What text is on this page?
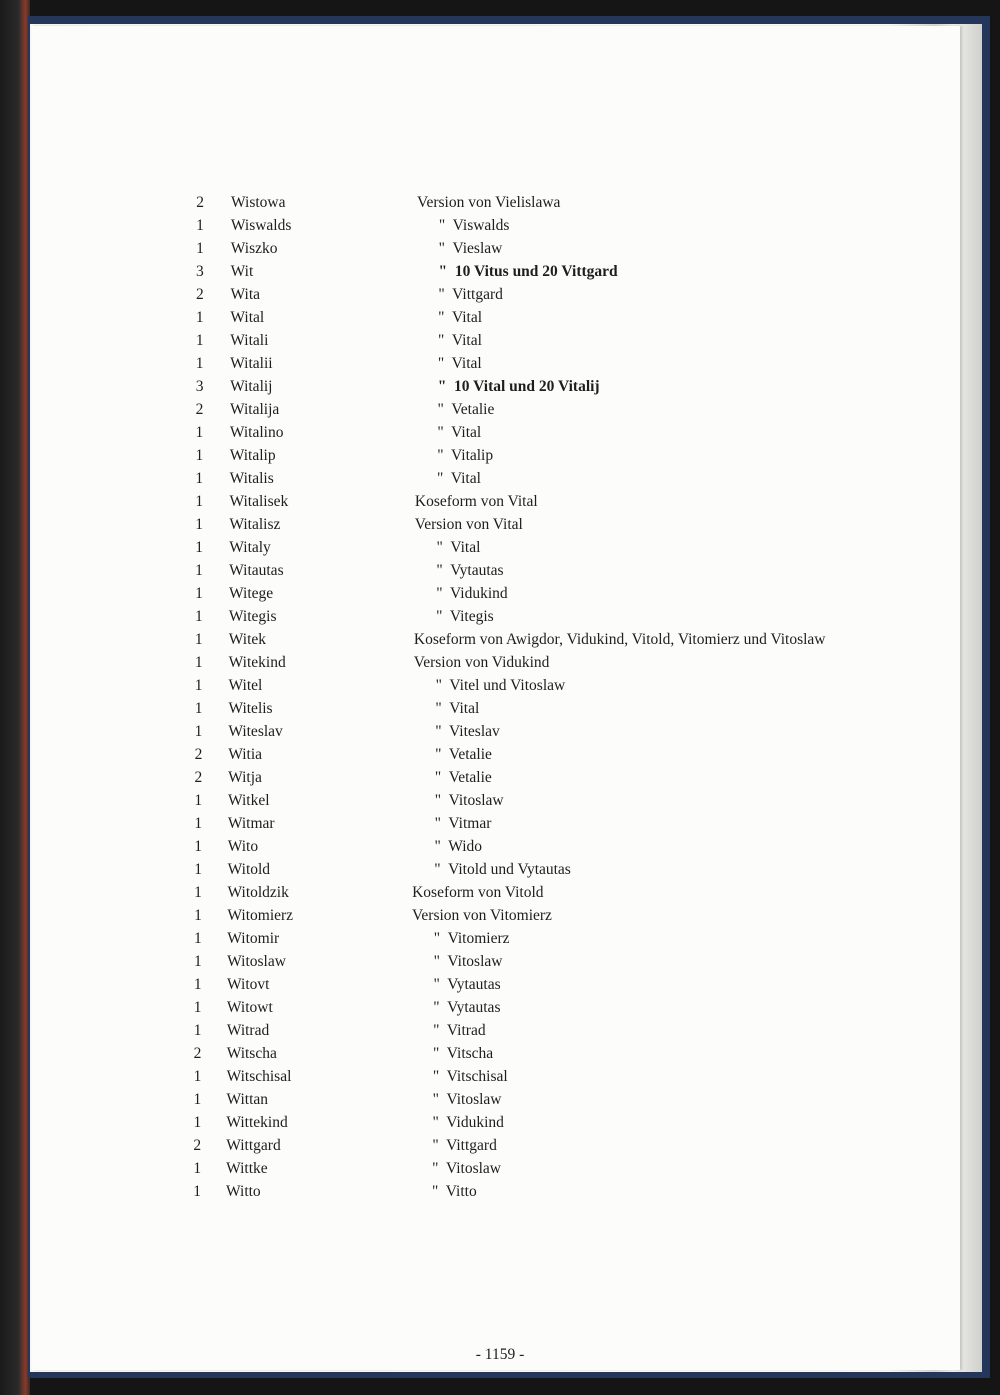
2 Wistowa	Version von Vielislawa
1 Wiswalds	"  Viswalds
1 Wiszko	"  Vieslaw
3 Wit	"  10 Vitus und 20 Vittgard
2 Wita	"  Vittgard
1 Wital	"  Vital
1 Witali	"  Vital
1 Witalii	"  Vital
3 Witalij	"  10 Vital und 20 Vitalij
2 Witalija	"  Vetalie
1 Witalino	"  Vital
1 Witalip	"  Vitalip
1 Witalis	"  Vital
1 Witalisek	Koseform von Vital
1 Witalisz	Version von Vital
1 Witaly	"  Vital
1 Witautas	"  Vytautas
1 Witege	"  Vidukind
1 Witegis	"  Vitegis
1 Witek	Koseform von Awigdor, Vidukind, Vitold, Vitomierz und Vitoslaw
1 Witekind	Version von Vidukind
1 Witel	"  Vitel und Vitoslaw
1 Witelis	"  Vital
1 Witeslav	"  Viteslav
2 Witia	"  Vetalie
2 Witja	"  Vetalie
1 Witkel	"  Vitoslaw
1 Witmar	"  Vitmar
1 Wito	"  Wido
1 Witold	"  Vitold und Vytautas
1 Witoldzik	Koseform von Vitold
1 Witomierz	Version von Vitomierz
1 Witomir	"  Vitomierz
1 Witoslaw	"  Vitoslaw
1 Witovt	"  Vytautas
1 Witowt	"  Vytautas
1 Witrad	"  Vitrad
2 Witscha	"  Vitscha
1 Witschisal	"  Vitschisal
1 Wittan	"  Vitoslaw
1 Wittekind	"  Vidukind
2 Wittgard	"  Vittgard
1 Wittke	"  Vitoslaw
1 Witto	"  Vitto
- 1159 -
